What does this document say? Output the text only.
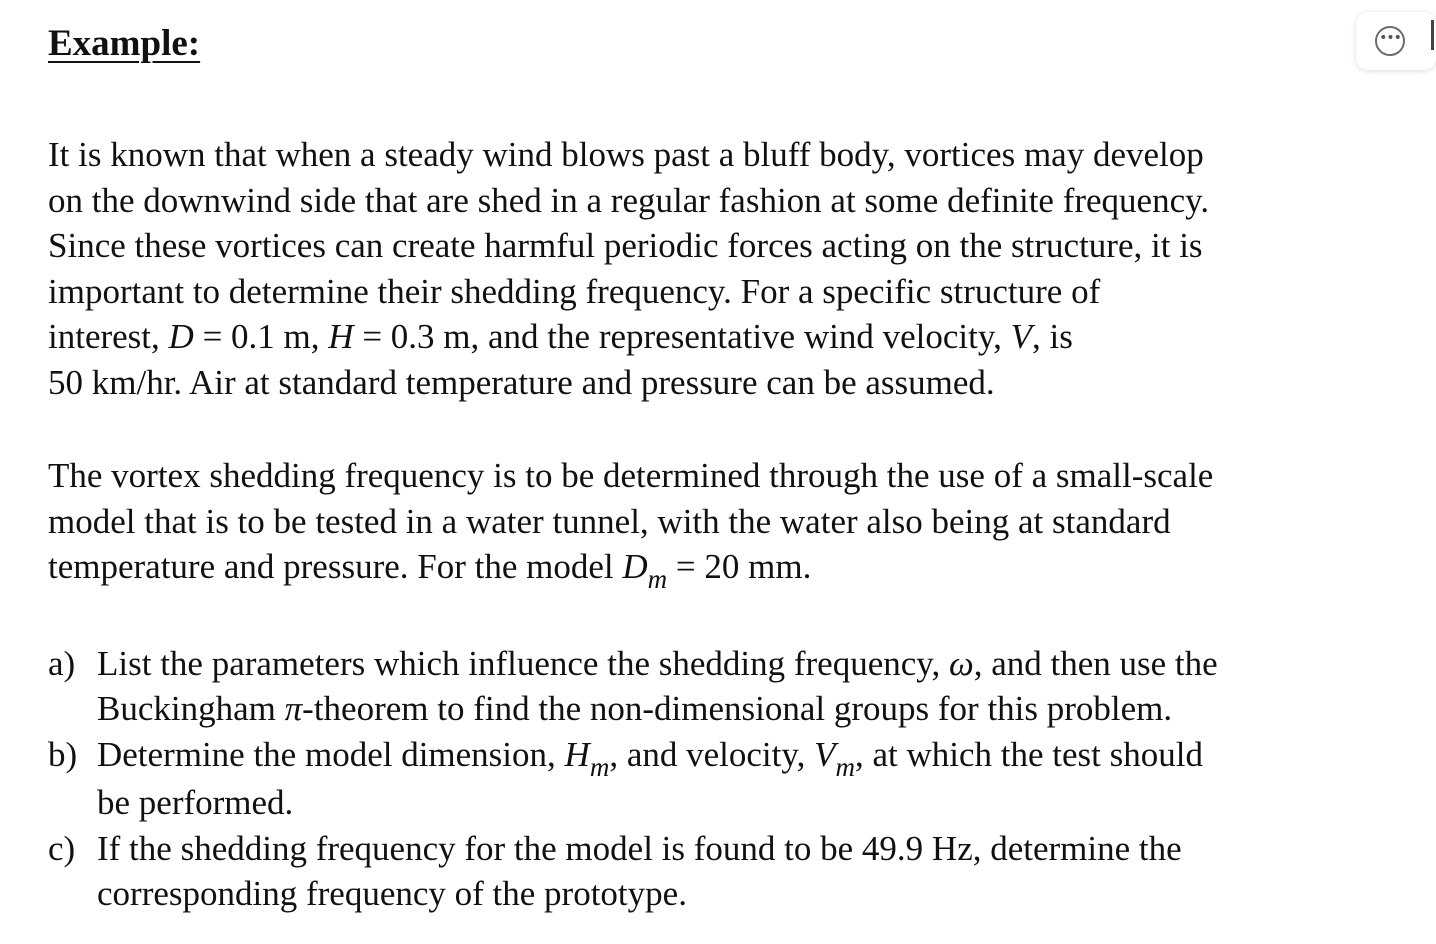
Example:

It is known that when a steady wind blows past a bluff body, vortices may develop
on the downwind side that are shed in a regular fashion at some definite frequency.
Since these vortices can create harmful periodic forces acting on the structure, it is
important to determine their shedding frequency. For a specific structure of
interest, D = 0.1 m, H = 0.3 m, and the representative wind velocity, V, is
50 km/hr. Air at standard temperature and pressure can be assumed.

The vortex shedding frequency is to be determined through the use of a small-scale
model that is to be tested in a water tunnel, with the water also being at standard
temperature and pressure. For the model $D_m = 20$ mm.

a) List the parameters which influence the shedding frequency, ω, and then use the
Buckingham π-theorem to find the non-dimensional groups for this problem.
b) Determine the model dimension, $H_m$, and velocity, $V_m$, at which the test should
be performed.
c) If the shedding frequency for the model is found to be 49.9 Hz, determine the
corresponding frequency of the prototype.
•••
